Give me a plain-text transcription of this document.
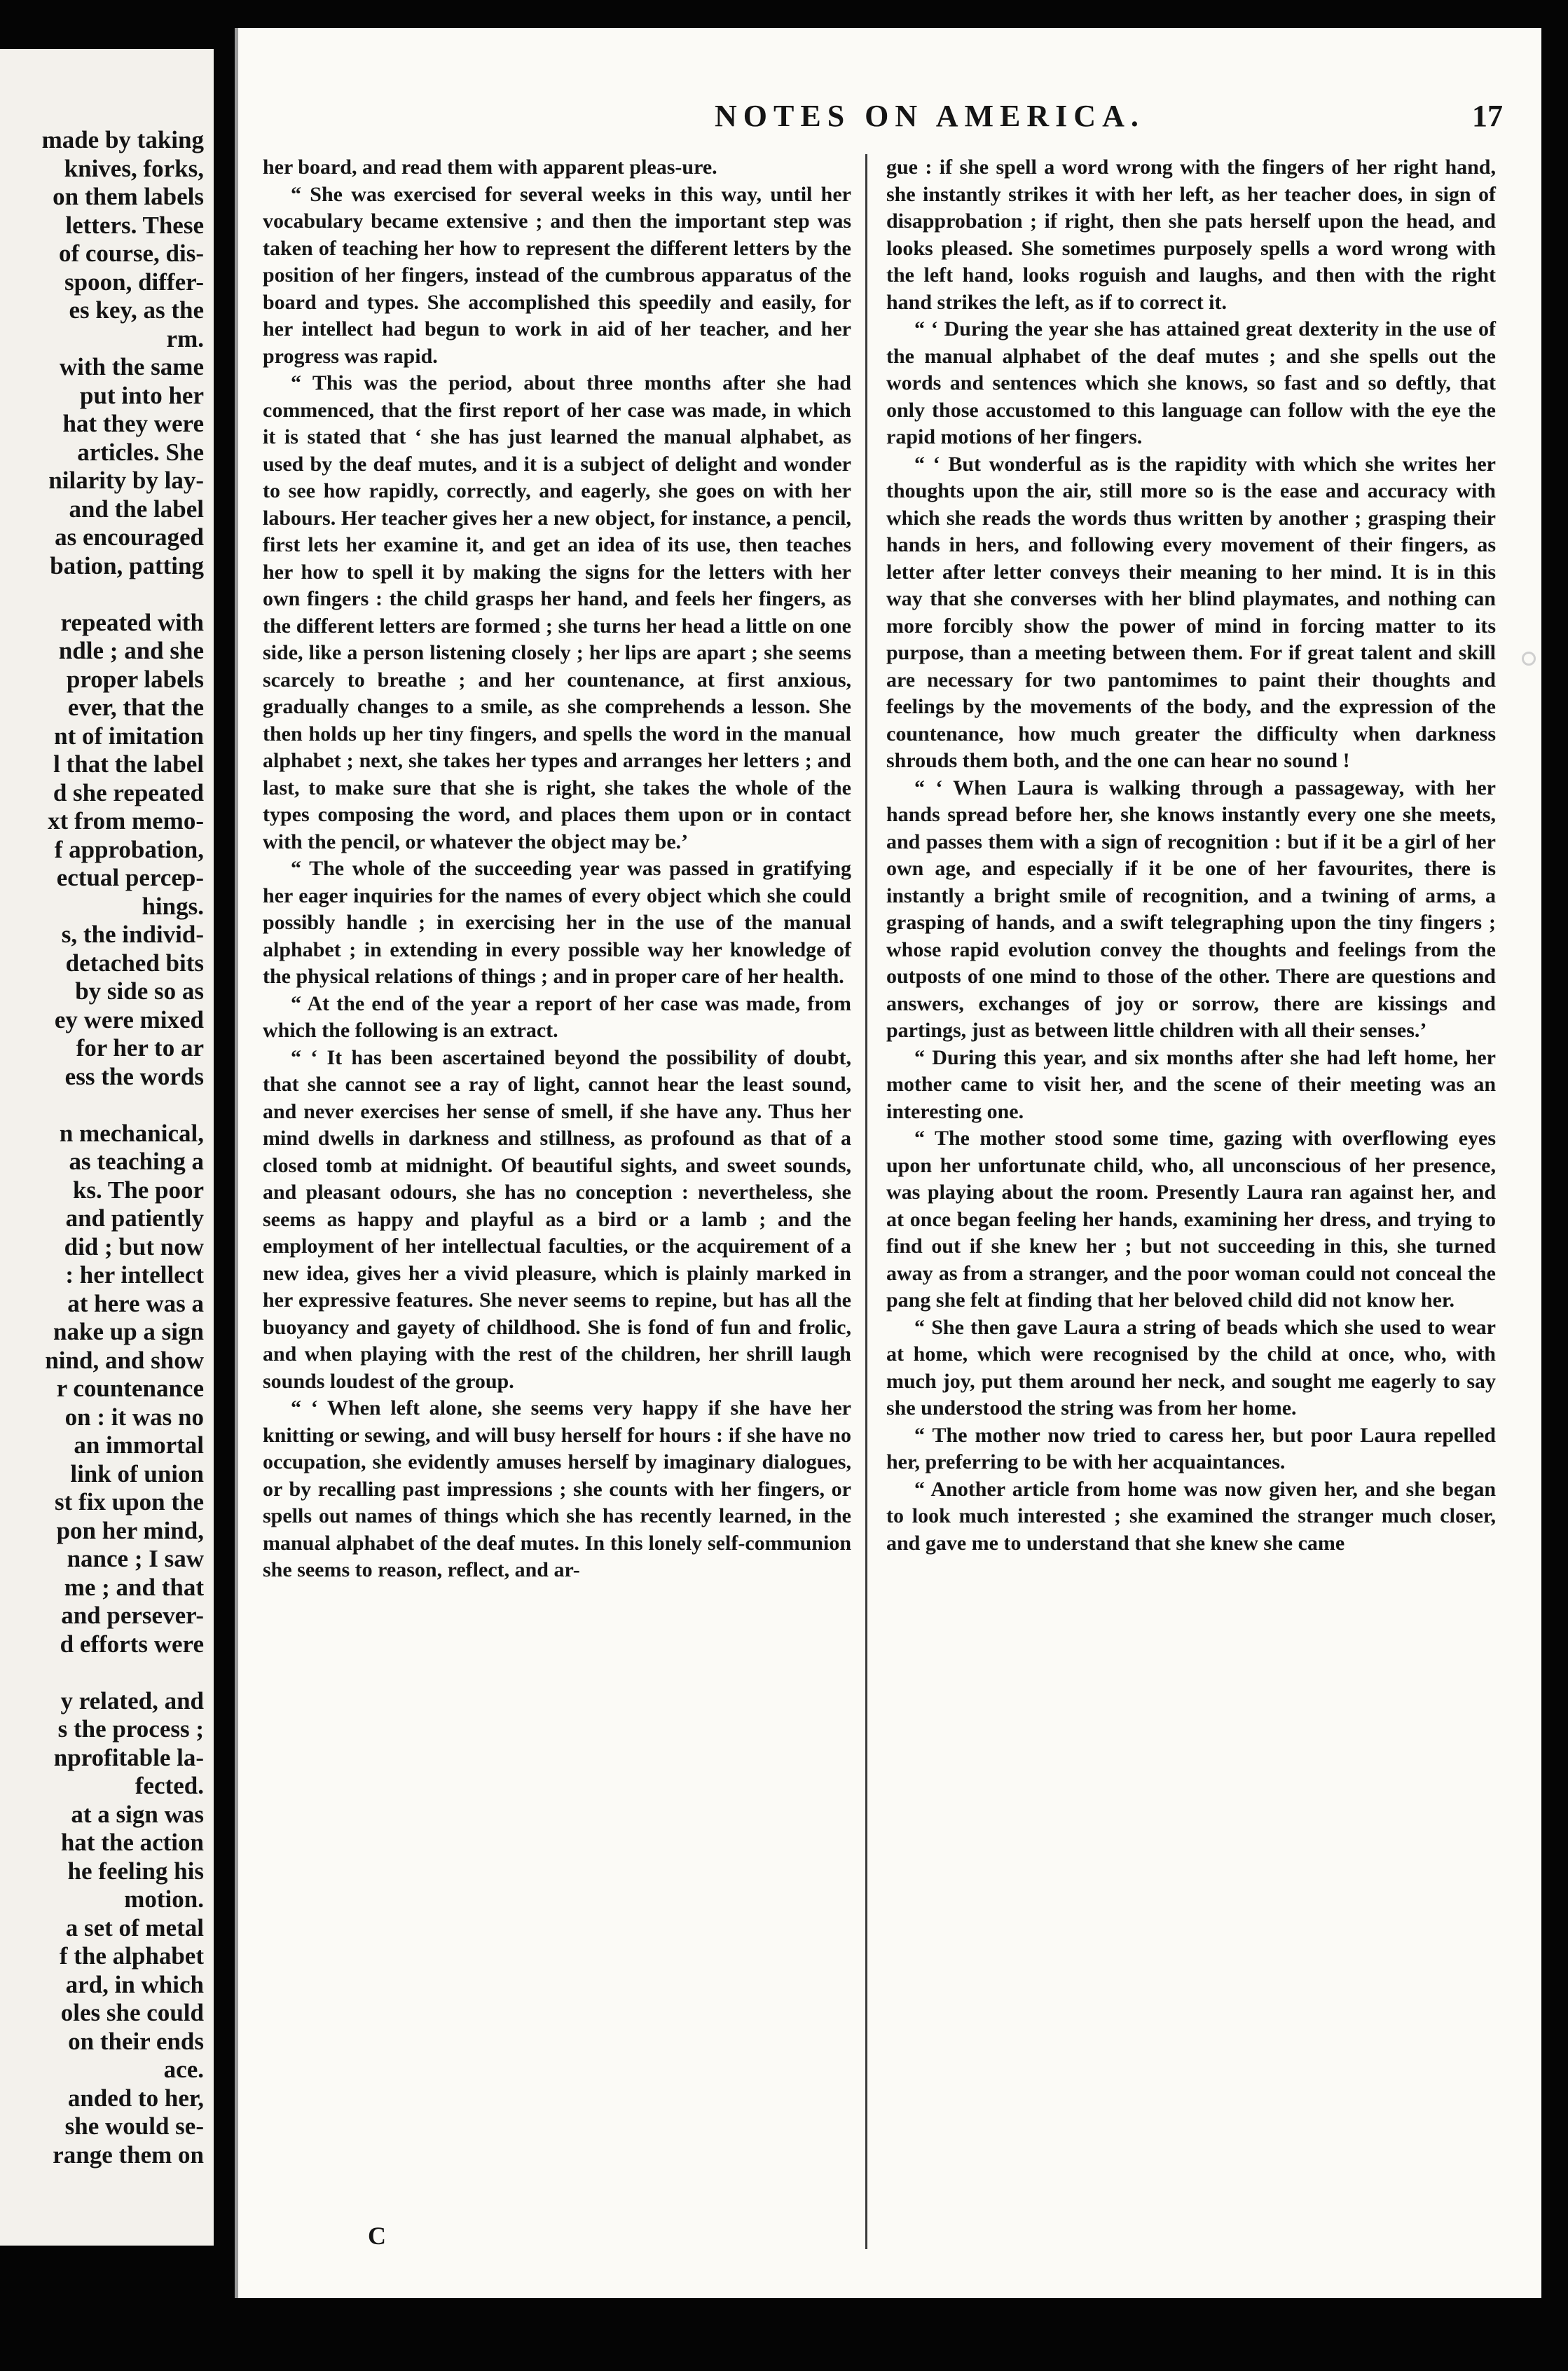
made by taking
knives, forks,
on them labels
letters. These
of course, dis-
spoon, differ-
es key, as the
rm.
with the same
put into her
hat they were
articles. She
nilarity by lay-
and the label
as encouraged
bation, patting
repeated with
ndle ; and she
proper labels
ever, that the
nt of imitation
l that the label
d she repeated
xt from memo-
f approbation,
ectual percep-
hings.
s, the individ-
detached bits
by side so as
ey were mixed
for her to ar
ess the words
n mechanical,
as teaching a
ks. The poor
and patiently
did ; but now
: her intellect
at here was a
nake up a sign
nind, and show
r countenance
on : it was no
an immortal
link of union
st fix upon the
pon her mind,
nance ; I saw
me ; and that
and persever-
d efforts were
y related, and
s the process ;
nprofitable la-
fected.
at a sign was
hat the action
he feeling his
motion.
a set of metal
f the alphabet
ard, in which
oles she could
on their ends
ace.
anded to her,
she would se-
range them on
NOTES ON AMERICA.	17

her board, and read them with apparent pleas-ure.

“ She was exercised for several weeks in this way, until her vocabulary became extensive ; and then the important step was taken of teaching her how to represent the different letters by the position of her fingers, instead of the cumbrous apparatus of the board and types. She accomplished this speedily and easily, for her intellect had begun to work in aid of her teacher, and her progress was rapid.

“ This was the period, about three months after she had commenced, that the first report of her case was made, in which it is stated that ‘ she has just learned the manual alphabet, as used by the deaf mutes, and it is a subject of delight and wonder to see how rapidly, correctly, and eagerly, she goes on with her labours. Her teacher gives her a new object, for instance, a pencil, first lets her examine it, and get an idea of its use, then teaches her how to spell it by making the signs for the letters with her own fingers : the child grasps her hand, and feels her fingers, as the different letters are formed ; she turns her head a little on one side, like a person listening closely ; her lips are apart ; she seems scarcely to breathe ; and her countenance, at first anxious, gradually changes to a smile, as she comprehends a lesson. She then holds up her tiny fingers, and spells the word in the manual alphabet ; next, she takes her types and arranges her letters ; and last, to make sure that she is right, she takes the whole of the types composing the word, and places them upon or in contact with the pencil, or whatever the object may be.’

“ The whole of the succeeding year was passed in gratifying her eager inquiries for the names of every object which she could possibly handle ; in exercising her in the use of the manual alphabet ; in extending in every possible way her knowledge of the physical relations of things ; and in proper care of her health.

“ At the end of the year a report of her case was made, from which the following is an extract.

“ ‘ It has been ascertained beyond the possibility of doubt, that she cannot see a ray of light, cannot hear the least sound, and never exercises her sense of smell, if she have any. Thus her mind dwells in darkness and stillness, as profound as that of a closed tomb at midnight. Of beautiful sights, and sweet sounds, and pleasant odours, she has no conception : nevertheless, she seems as happy and playful as a bird or a lamb ; and the employment of her intellectual faculties, or the acquirement of a new idea, gives her a vivid pleasure, which is plainly marked in her expressive features. She never seems to repine, but has all the buoyancy and gayety of childhood. She is fond of fun and frolic, and when playing with the rest of the children, her shrill laugh sounds loudest of the group.

“ ‘ When left alone, she seems very happy if she have her knitting or sewing, and will busy herself for hours : if she have no occupation, she evidently amuses herself by imaginary dialogues, or by recalling past impressions ; she counts with her fingers, or spells out names of things which she has recently learned, in the manual alphabet of the deaf mutes. In this lonely self-communion she seems to reason, reflect, and ar-

gue : if she spell a word wrong with the fingers of her right hand, she instantly strikes it with her left, as her teacher does, in sign of disapprobation ; if right, then she pats herself upon the head, and looks pleased. She sometimes purposely spells a word wrong with the left hand, looks roguish and laughs, and then with the right hand strikes the left, as if to correct it.

“ ‘ During the year she has attained great dexterity in the use of the manual alphabet of the deaf mutes ; and she spells out the words and sentences which she knows, so fast and so deftly, that only those accustomed to this language can follow with the eye the rapid motions of her fingers.

“ ‘ But wonderful as is the rapidity with which she writes her thoughts upon the air, still more so is the ease and accuracy with which she reads the words thus written by another ; grasping their hands in hers, and following every movement of their fingers, as letter after letter conveys their meaning to her mind. It is in this way that she converses with her blind playmates, and nothing can more forcibly show the power of mind in forcing matter to its purpose, than a meeting between them. For if great talent and skill are necessary for two pantomimes to paint their thoughts and feelings by the movements of the body, and the expression of the countenance, how much greater the difficulty when darkness shrouds them both, and the one can hear no sound !

“ ‘ When Laura is walking through a passageway, with her hands spread before her, she knows instantly every one she meets, and passes them with a sign of recognition : but if it be a girl of her own age, and especially if it be one of her favourites, there is instantly a bright smile of recognition, and a twining of arms, a grasping of hands, and a swift telegraphing upon the tiny fingers ; whose rapid evolution convey the thoughts and feelings from the outposts of one mind to those of the other. There are questions and answers, exchanges of joy or sorrow, there are kissings and partings, just as between little children with all their senses.’

“ During this year, and six months after she had left home, her mother came to visit her, and the scene of their meeting was an interesting one.

“ The mother stood some time, gazing with overflowing eyes upon her unfortunate child, who, all unconscious of her presence, was playing about the room. Presently Laura ran against her, and at once began feeling her hands, examining her dress, and trying to find out if she knew her ; but not succeeding in this, she turned away as from a stranger, and the poor woman could not conceal the pang she felt at finding that her beloved child did not know her.

“ She then gave Laura a string of beads which she used to wear at home, which were recognised by the child at once, who, with much joy, put them around her neck, and sought me eagerly to say she understood the string was from her home.

“ The mother now tried to caress her, but poor Laura repelled her, preferring to be with her acquaintances.

“ Another article from home was now given her, and she began to look much interested ; she examined the stranger much closer, and gave me to understand that she knew she came

C
